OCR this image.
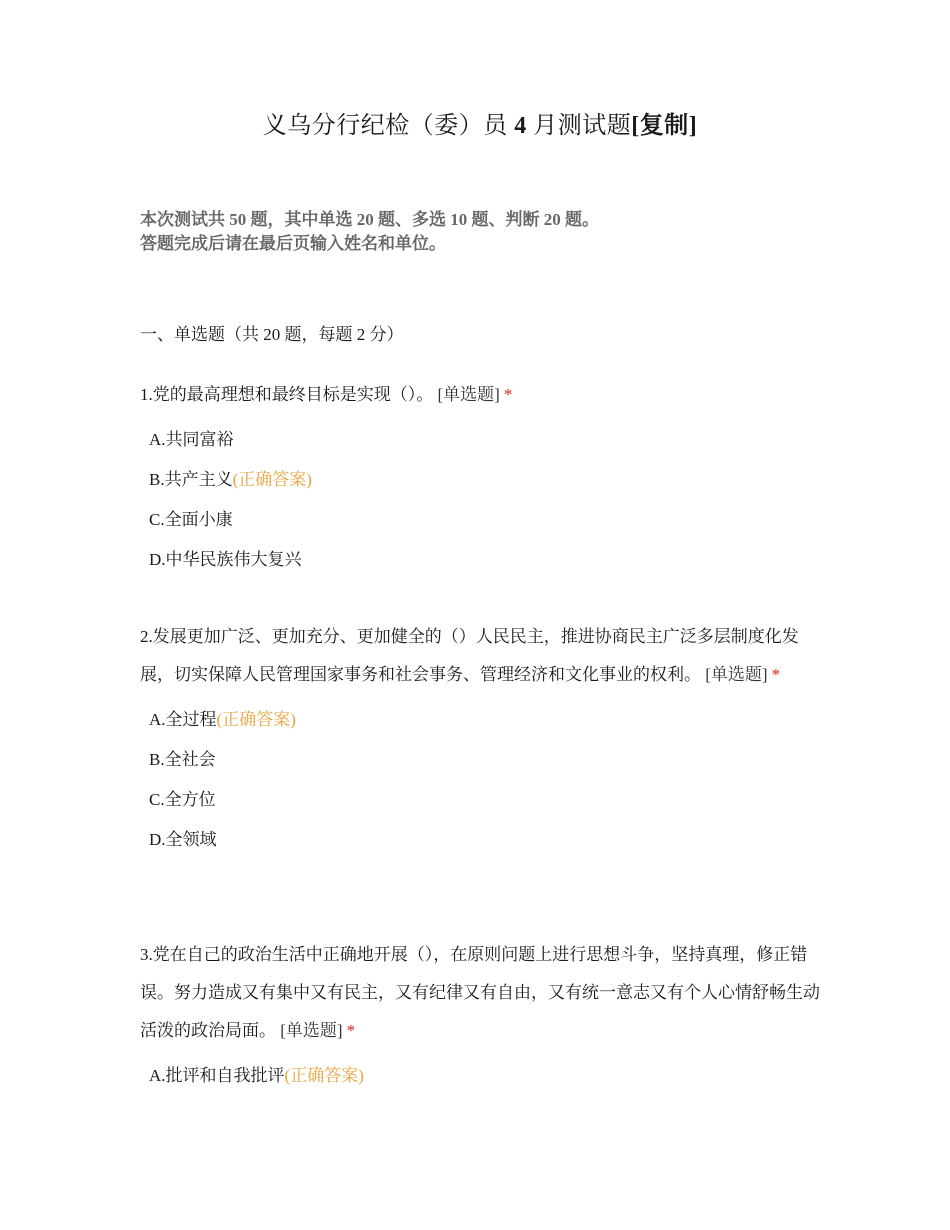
义乌分行纪检（委）员 4 月测试题[复制]
本次测试共 50 题，其中单选 20 题、多选 10 题、判断 20 题。
答题完成后请在最后页输入姓名和单位。
一、单选题（共 20 题，每题 2 分）
1.党的最高理想和最终目标是实现（）。 [单选题] *
A.共同富裕
B.共产主义(正确答案)
C.全面小康
D.中华民族伟大复兴
2.发展更加广泛、更加充分、更加健全的（）人民民主，推进协商民主广泛多层制度化发展，切实保障人民管理国家事务和社会事务、管理经济和文化事业的权利。 [单选题] *
A.全过程(正确答案)
B.全社会
C.全方位
D.全领域
3.党在自己的政治生活中正确地开展（），在原则问题上进行思想斗争，坚持真理，修正错误。努力造成又有集中又有民主，又有纪律又有自由，又有统一意志又有个人心情舒畅生动活泼的政治局面。 [单选题] *
A.批评和自我批评(正确答案)
